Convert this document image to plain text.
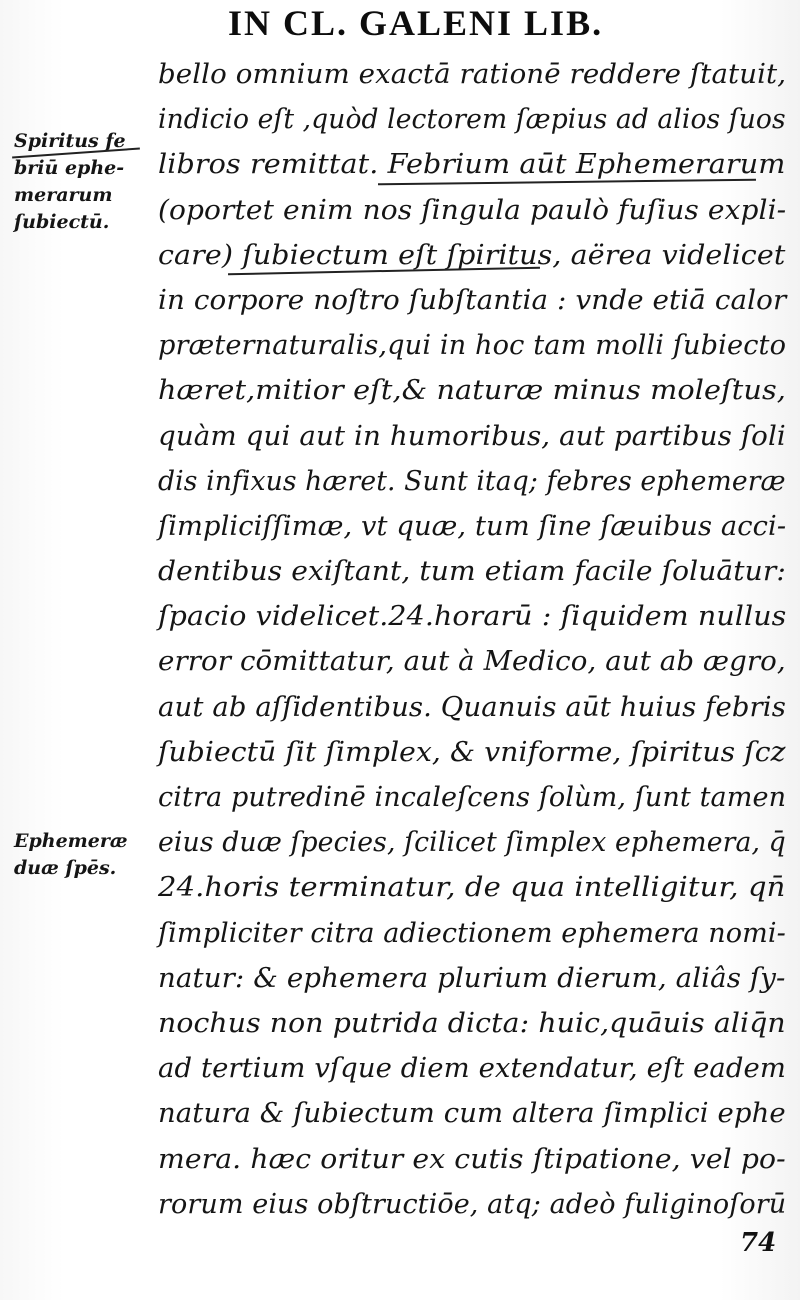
IN CL. GALENI LIB.
Spiritus fe
briū ephe-
merarum
ſubiectū.
Ephemeræ
duæ ſpēs.
bello omnium exactā rationē reddere ſtatuit,
indicio eſt ,quòd lectorem ſæpius ad alios ſuos
libros remittat. Febrium aūt Ephemerarum
(oportet enim nos ſingula paulò fuſius expli-
care) ſubiectum eſt ſpiritus, aërea videlicet
in corpore noſtro ſubſtantia : vnde etiā calor
præternaturalis,qui in hoc tam molli ſubiecto
hæret,mitior eſt,& naturæ minus moleſtus,
quàm qui aut in humoribus, aut partibus ſoli
dis infixus hæret. Sunt itaq; febres ephemeræ
ſimpliciſſimæ, vt quæ, tum ſine ſæuibus acci-
dentibus exiſtant, tum etiam facile ſoluātur:
ſpacio videlicet.24.horarū : ſiquidem nullus
error cōmittatur, aut à Medico, aut ab ægro,
aut ab aſſidentibus. Quanuis aūt huius febris
ſubiectū ſit ſimplex, & vniforme, ſpiritus ſcz
citra putredinē incaleſcens ſolùm, ſunt tamen
eius duæ ſpecies, ſcilicet ſimplex ephemera, q̄
24.horis terminatur, de qua intelligitur, qn̄
ſimpliciter citra adiectionem ephemera nomi-
natur: & ephemera plurium dierum, aliâs ſy-
nochus non putrida dicta: huic,quāuis aliq̄n
ad tertium vſque diem extendatur, eſt eadem
natura & ſubiectum cum altera ſimplici ephe
mera. hæc oritur ex cutis ſtipatione, vel po-
rorum eius obſtructiōe, atq; adeò fuliginoſorū
74
